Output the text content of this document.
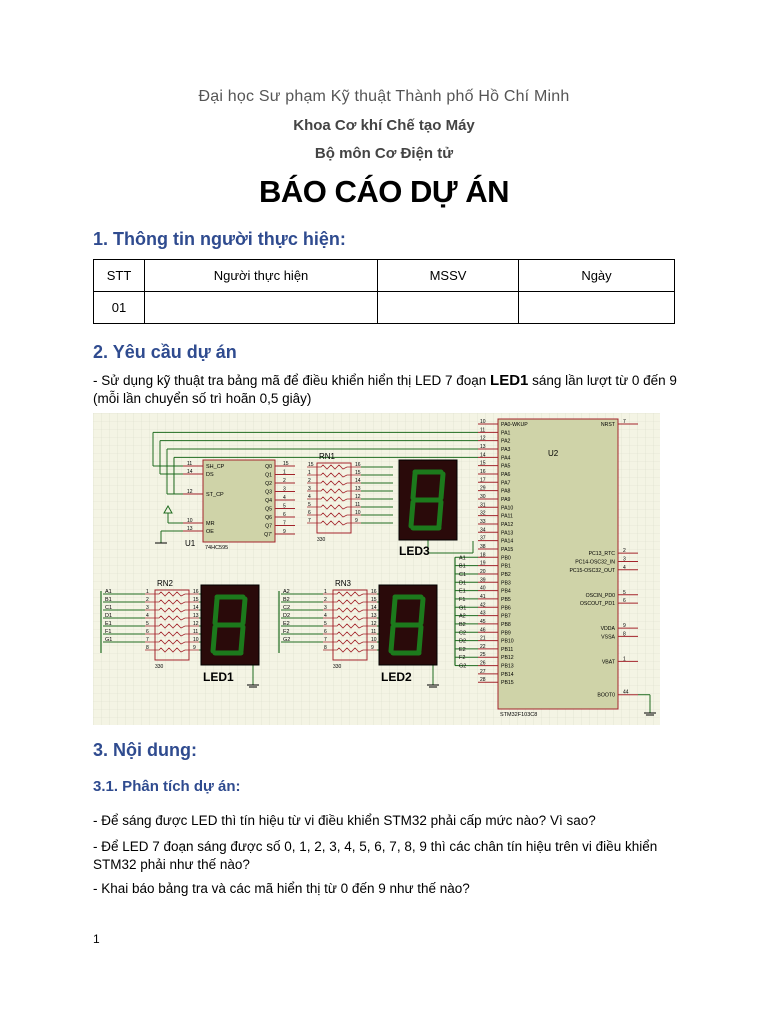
Đại học Sư phạm Kỹ thuật Thành phố Hồ Chí Minh
Khoa Cơ khí Chế tạo Máy
Bộ môn Cơ Điện tử
BÁO CÁO DỰ ÁN
1. Thông tin người thực hiện:
STT	Người thực hiện	MSSV	Ngày
01			
2. Yêu cầu dự án
- Sử dụng kỹ thuật tra bảng mã để điều khiển hiển thị LED 7 đoạn LED1 sáng lần lượt từ 0 đến 9 (mỗi lần chuyển số trì hoãn 0,5 giây)
U2
STM32F103C8
PA0-WKUP
10
PA1
11
PA2
12
PA3
13
PA4
14
PA5
15
PA6
16
PA7
17
PA8
29
PA9
30
PA10
31
PA11
32
PA12
33
PA13
34
PA14
37
PA15
38
PB0
18
PB1
19
PB2
20
PB3
39
PB4
40
PB5
41
PB6
42
PB7
43
PB8
45
PB9
46
PB10
21
PB11
22
PB12
25
PB13
26
PB14
27
PB15
28
NRST 7
PC13_RTC 2
PC14-OSC32_IN 3
PC15-OSC32_OUT 4
OSCIN_PD0 5
OSCOUT_PD1 6
VDDA 9
VSSA 8
VBAT 1
BOOT0 44
A1
B1
C1
D1
E1
F1
G1
A2
B2
C2
D2
E2
F2
G2
U1 74HC595
SH_CP
11
DS
14
ST_CP
12
MR
10
OE
13
Q0 15
Q1 1
Q2 2
Q3 3
Q4 4
Q5 5
Q6 6
Q7 7
Q7' 9
15	16
1	15
2	14
3	13
4	12
5	11
6	10
7	9
RN1
330
1	16
2	15
3	14
4	13
5	12
6	11
7	10
8	9
RN2
330
1	16
2	15
3	14
4	13
5	12
6	11
7	10
8	9
RN3
330
LED3
LED1	LED2
A1
B1
C1
D1
E1
F1
G1
A2
B2
C2
D2
E2
F2
G2
3. Nội dung:
3.1. Phân tích dự án:
- Để sáng được LED thì tín hiệu từ vi điều khiển STM32 phải cấp mức nào? Vì sao?
- Để LED 7 đoạn sáng được số 0, 1, 2, 3, 4, 5, 6, 7, 8, 9 thì các chân tín hiệu trên vi điều khiển STM32 phải như thế nào?
- Khai báo bảng tra và các mã hiển thị từ 0 đến 9 như thế nào?
1
